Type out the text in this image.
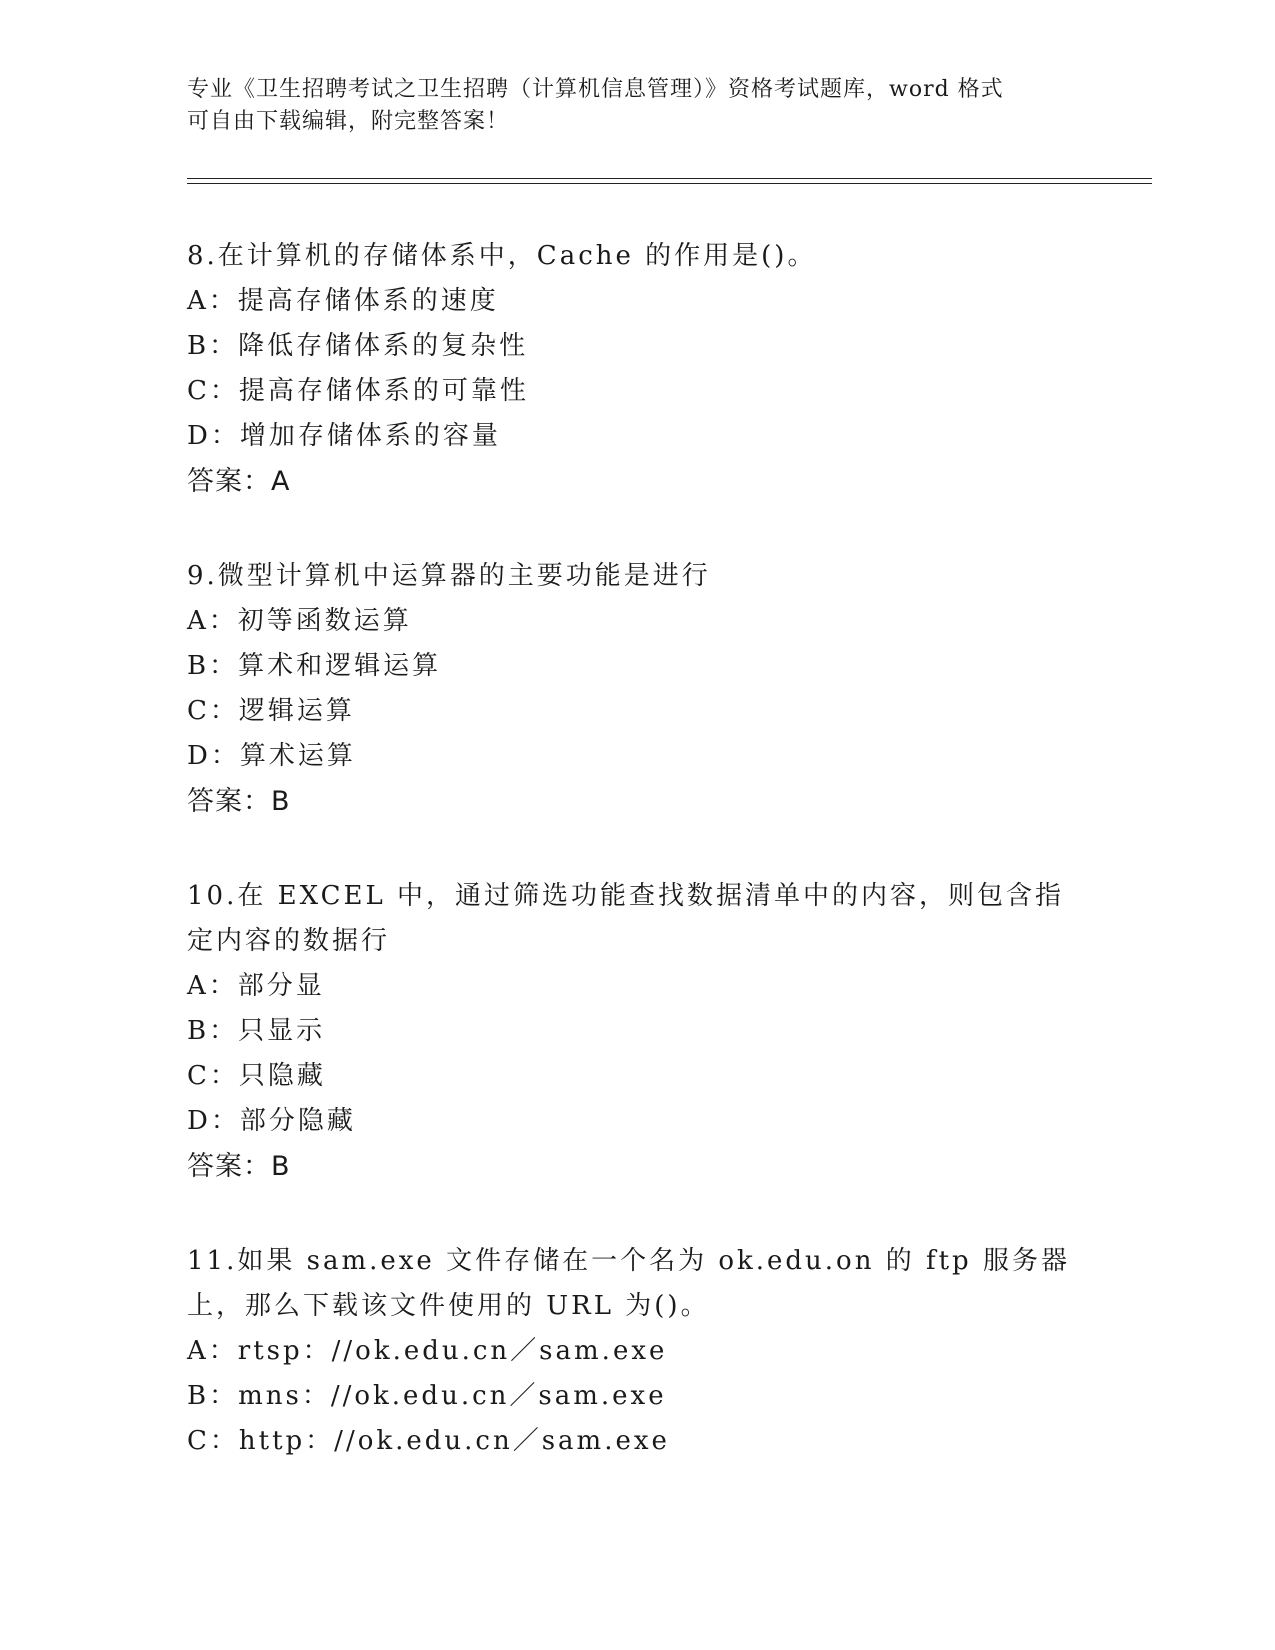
专业《卫生招聘考试之卫生招聘（计算机信息管理）》资格考试题库，word 格式
可自由下载编辑，附完整答案！
8.在计算机的存储体系中，Cache 的作用是()。
A：提高存储体系的速度
B：降低存储体系的复杂性
C：提高存储体系的可靠性
D：增加存储体系的容量
答案：A
9.微型计算机中运算器的主要功能是进行
A：初等函数运算
B：算术和逻辑运算
C：逻辑运算
D：算术运算
答案：B
10.在 EXCEL 中，通过筛选功能查找数据清单中的内容，则包含指定内容的数据行
A：部分显
B：只显示
C：只隐藏
D：部分隐藏
答案：B
11.如果 sam.exe 文件存储在一个名为 ok.edu.on 的 ftp 服务器上，那么下载该文件使用的 URL 为()。
A：rtsp：//ok.edu.cn／sam.exe
B：mns：//ok.edu.cn／sam.exe
C：http：//ok.edu.cn／sam.exe
